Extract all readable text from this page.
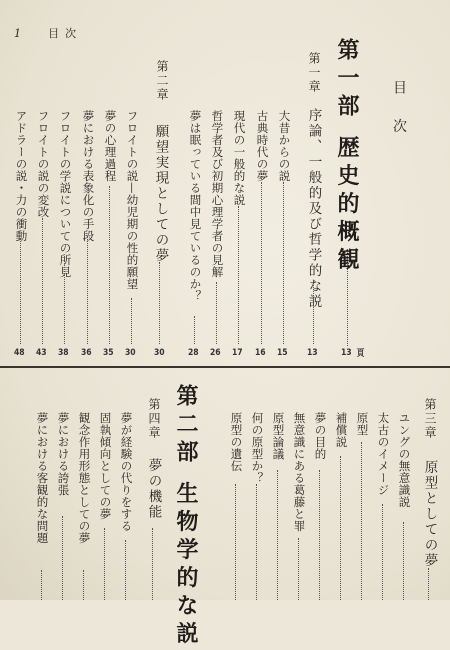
1 目次
目 次
第一部 歴史的概観
13 頁
第一章
序論、一般的及び哲学的な説
13
大昔からの説
15
古典時代の夢
16
現代の一般的な説
17
哲学者及び初期心理学者の見解
26
夢は眠っている間中見ているのか？
28
第二章
願望実現としての夢
30
フロイトの説—幼児期の性的願望
30
夢の心理過程
35
夢における表象化の手段
36
フロイトの学説についての所見
38
フロイトの説の変改
43
アドラーの説・力の衝動
48
第三章
原型としての夢
ユングの無意識説
太古のイメージ
原型
補償説
夢の目的
無意識にある葛藤と罪
原型論議
何の原型か？
原型の遺伝
第二部 生物学的な説
第四章
夢の機能
夢が経験の代りをする
固執傾向としての夢
観念作用形態としての夢
夢における誇張
夢における客観的な問題
